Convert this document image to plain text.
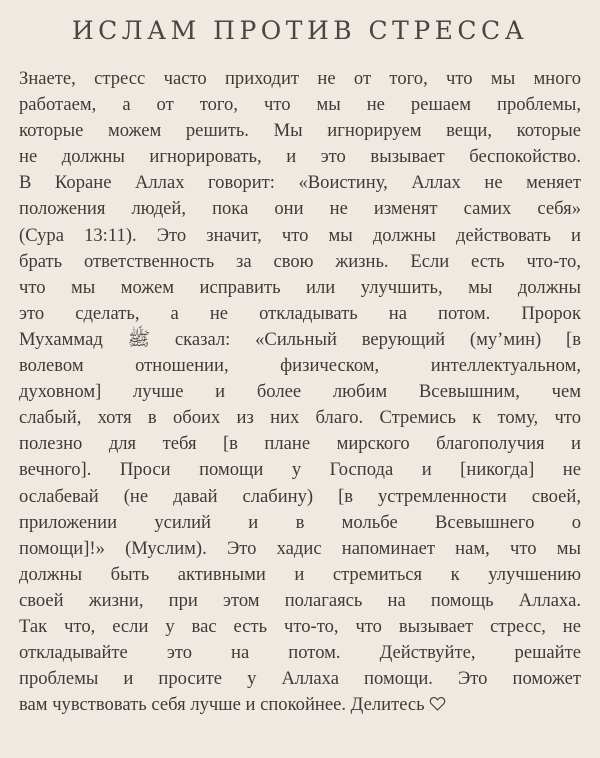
ИСЛАМ ПРОТИВ СТРЕССА
Знаете, стресс часто приходит не от того, что мы много
работаем, а от того, что мы не решаем проблемы,
которые можем решить. Мы игнорируем вещи, которые
не должны игнорировать, и это вызывает беспокойство.
В Коране Аллах говорит: «Воистину, Аллах не меняет
положения людей, пока они не изменят самих себя»
(Сура 13:11). Это значит, что мы должны действовать и
брать ответственность за свою жизнь. Если есть что-то,
что мы можем исправить или улучшить, мы должны
это сделать, а не откладывать на потом. Пророк
Мухаммад ﷺ сказал: «Сильный верующий (му’мин) [в
волевом отношении, физическом, интеллектуальном,
духовном] лучше и более любим Всевышним, чем
слабый, хотя в обоих из них благо. Стремись к тому, что
полезно для тебя [в плане мирского благополучия и
вечного]. Проси помощи у Господа и [никогда] не
ослабевай (не давай слабину) [в устремленности своей,
приложении усилий и в мольбе Всевышнего о
помощи]!» (Муслим). Это хадис напоминает нам, что мы
должны быть активными и стремиться к улучшению
своей жизни, при этом полагаясь на помощь Аллаха.
Так что, если у вас есть что-то, что вызывает стресс, не
откладывайте это на потом. Действуйте, решайте
проблемы и просите у Аллаха помощи. Это поможет
вам чувствовать себя лучше и спокойнее. Делитесь
